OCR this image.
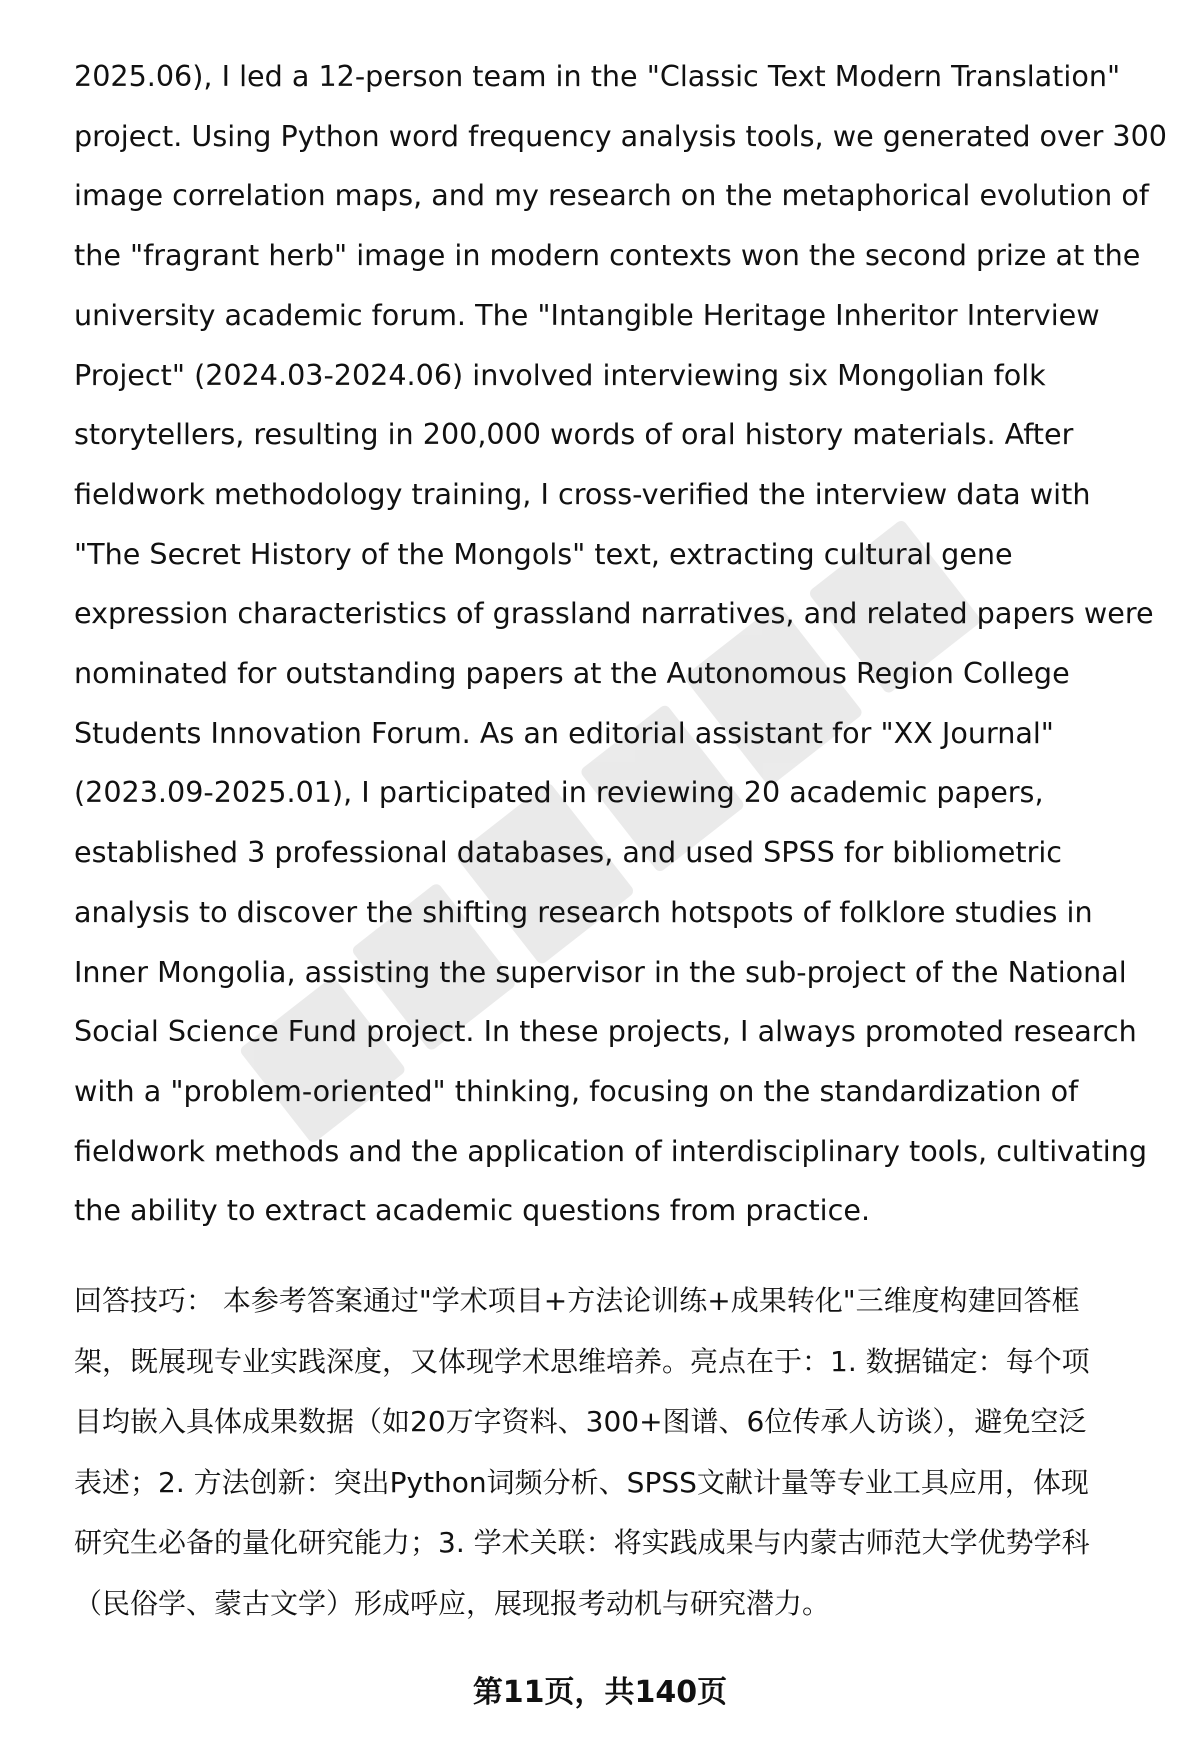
2025.06), I led a 12-person team in the "Classic Text Modern Translation"
project. Using Python word frequency analysis tools, we generated over 300
image correlation maps, and my research on the metaphorical evolution of
the "fragrant herb" image in modern contexts won the second prize at the
university academic forum. The "Intangible Heritage Inheritor Interview
Project" (2024.03-2024.06) involved interviewing six Mongolian folk
storytellers, resulting in 200,000 words of oral history materials. After
fieldwork methodology training, I cross-verified the interview data with
"The Secret History of the Mongols" text, extracting cultural gene
expression characteristics of grassland narratives, and related papers were
nominated for outstanding papers at the Autonomous Region College
Students Innovation Forum. As an editorial assistant for "XX Journal"
(2023.09-2025.01), I participated in reviewing 20 academic papers,
established 3 professional databases, and used SPSS for bibliometric
analysis to discover the shifting research hotspots of folklore studies in
Inner Mongolia, assisting the supervisor in the sub-project of the National
Social Science Fund project. In these projects, I always promoted research
with a "problem-oriented" thinking, focusing on the standardization of
fieldwork methods and the application of interdisciplinary tools, cultivating
the ability to extract academic questions from practice.
回答技巧： 本参考答案通过"学术项目+方法论训练+成果转化"三维度构建回答框
架，既展现专业实践深度，又体现学术思维培养。亮点在于：1. 数据锚定：每个项
目均嵌入具体成果数据（如20万字资料、300+图谱、6位传承人访谈），避免空泛
表述；2. 方法创新：突出Python词频分析、SPSS文献计量等专业工具应用，体现
研究生必备的量化研究能力；3. 学术关联：将实践成果与内蒙古师范大学优势学科
（民俗学、蒙古文学）形成呼应，展现报考动机与研究潜力。
第11页，共140页
